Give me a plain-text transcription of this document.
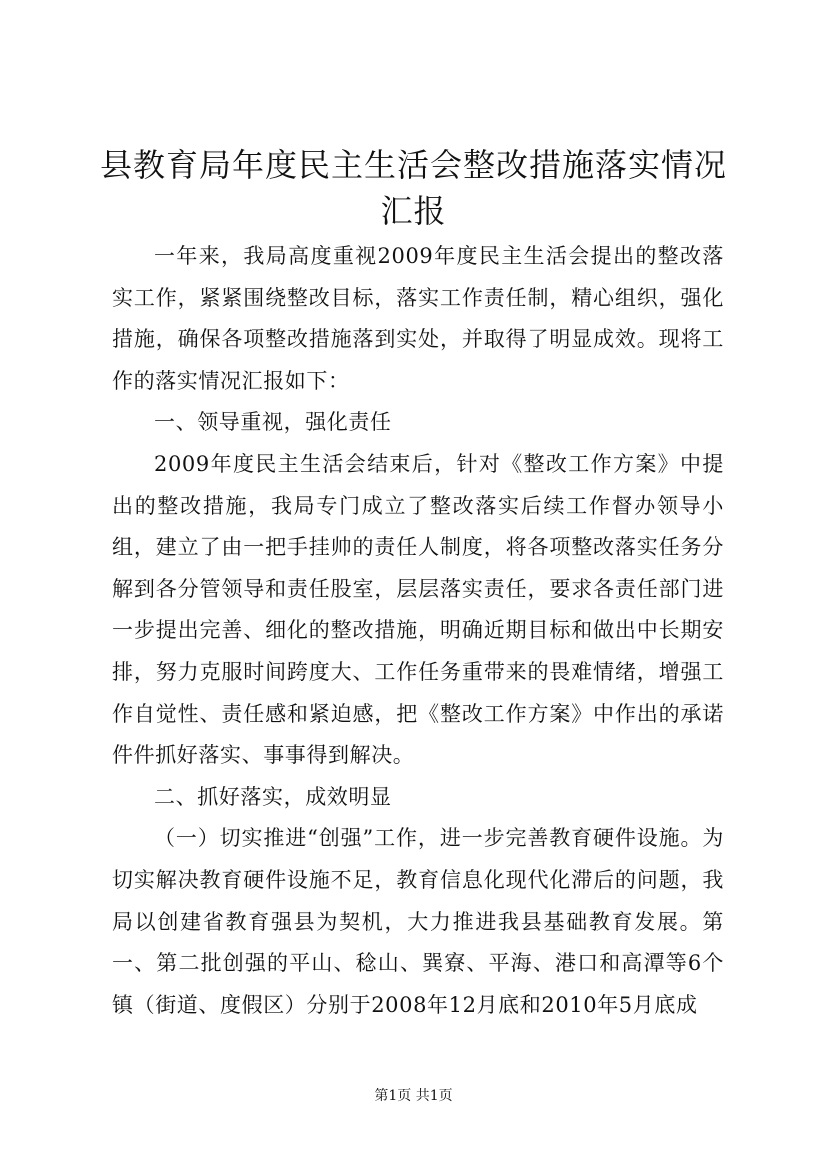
县教育局年度民主生活会整改措施落实情况汇报

一年来，我局高度重视2009年度民主生活会提出的整改落实工作，紧紧围绕整改目标，落实工作责任制，精心组织，强化措施，确保各项整改措施落到实处，并取得了明显成效。现将工作的落实情况汇报如下：

一、领导重视，强化责任

2009年度民主生活会结束后，针对《整改工作方案》中提出的整改措施，我局专门成立了整改落实后续工作督办领导小组，建立了由一把手挂帅的责任人制度，将各项整改落实任务分解到各分管领导和责任股室，层层落实责任，要求各责任部门进一步提出完善、细化的整改措施，明确近期目标和做出中长期安排，努力克服时间跨度大、工作任务重带来的畏难情绪，增强工作自觉性、责任感和紧迫感，把《整改工作方案》中作出的承诺件件抓好落实、事事得到解决。

二、抓好落实，成效明显

（一）切实推进“创强”工作，进一步完善教育硬件设施。为切实解决教育硬件设施不足，教育信息化现代化滞后的问题，我局以创建省教育强县为契机，大力推进我县基础教育发展。第一、第二批创强的平山、稔山、巽寮、平海、港口和高潭等6个镇（街道、度假区）分别于2008年12月底和2010年5月底成

第1页 共1页
